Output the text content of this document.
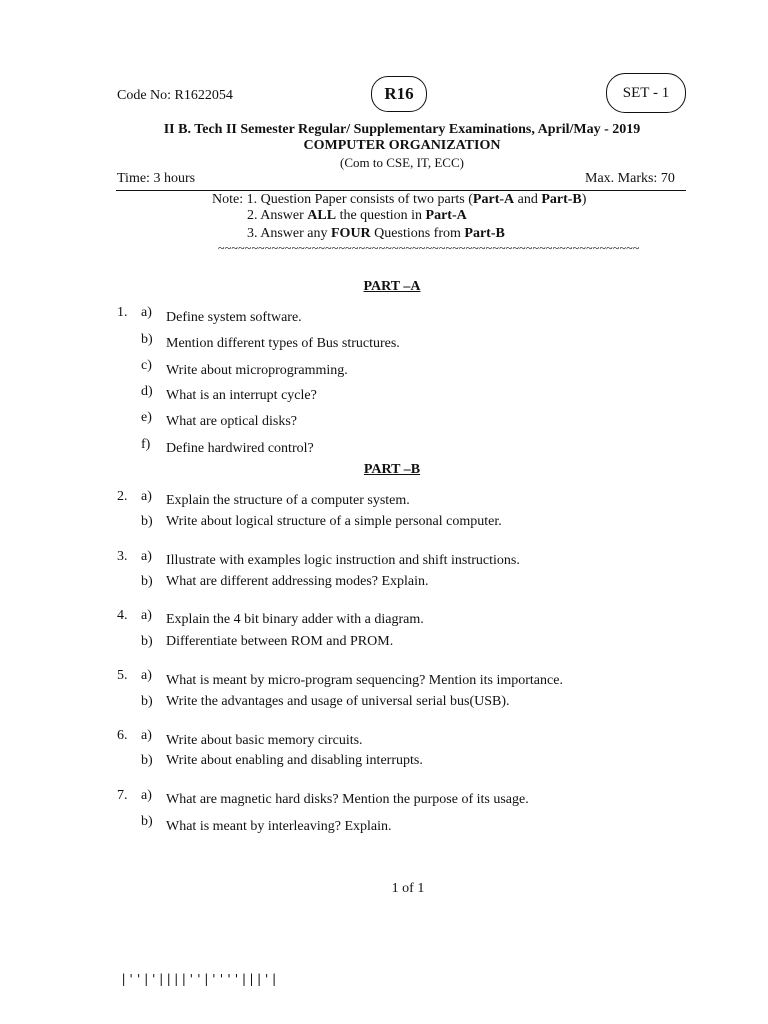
Code No: R1622054	R16	SET - 1
II B. Tech II Semester Regular/ Supplementary Examinations, April/May - 2019
COMPUTER ORGANIZATION
(Com to CSE, IT, ECC)
Time: 3 hours	Max. Marks: 70
Note: 1. Question Paper consists of two parts (Part-A and Part-B)
2. Answer ALL the question in Part-A
3. Answer any FOUR Questions from Part-B
~~~~~~~~~~~~~~~~~~~~~~~~~~~~~~~~~~~~~~~~~~~~~~~~~~~~~~~~~~~~~~~
PART –A
1. a) Define system software.
b) Mention different types of Bus structures.
c) Write about microprogramming.
d) What is an interrupt cycle?
e) What are optical disks?
f) Define hardwired control?
PART –B
2. a) Explain the structure of a computer system.
b) Write about logical structure of a simple personal computer.
3. a) Illustrate with examples logic instruction and shift instructions.
b) What are different addressing modes? Explain.
4. a) Explain the 4 bit binary adder with a diagram.
b) Differentiate between ROM and PROM.
5. a) What is meant by micro-program sequencing? Mention its importance.
b) Write the advantages and usage of universal serial bus(USB).
6. a) Write about basic memory circuits.
b) Write about enabling and disabling interrupts.
7. a) What are magnetic hard disks? Mention the purpose of its usage.
b) What is meant by interleaving? Explain.
1 of 1
|''|'||||''|''''|||'|
